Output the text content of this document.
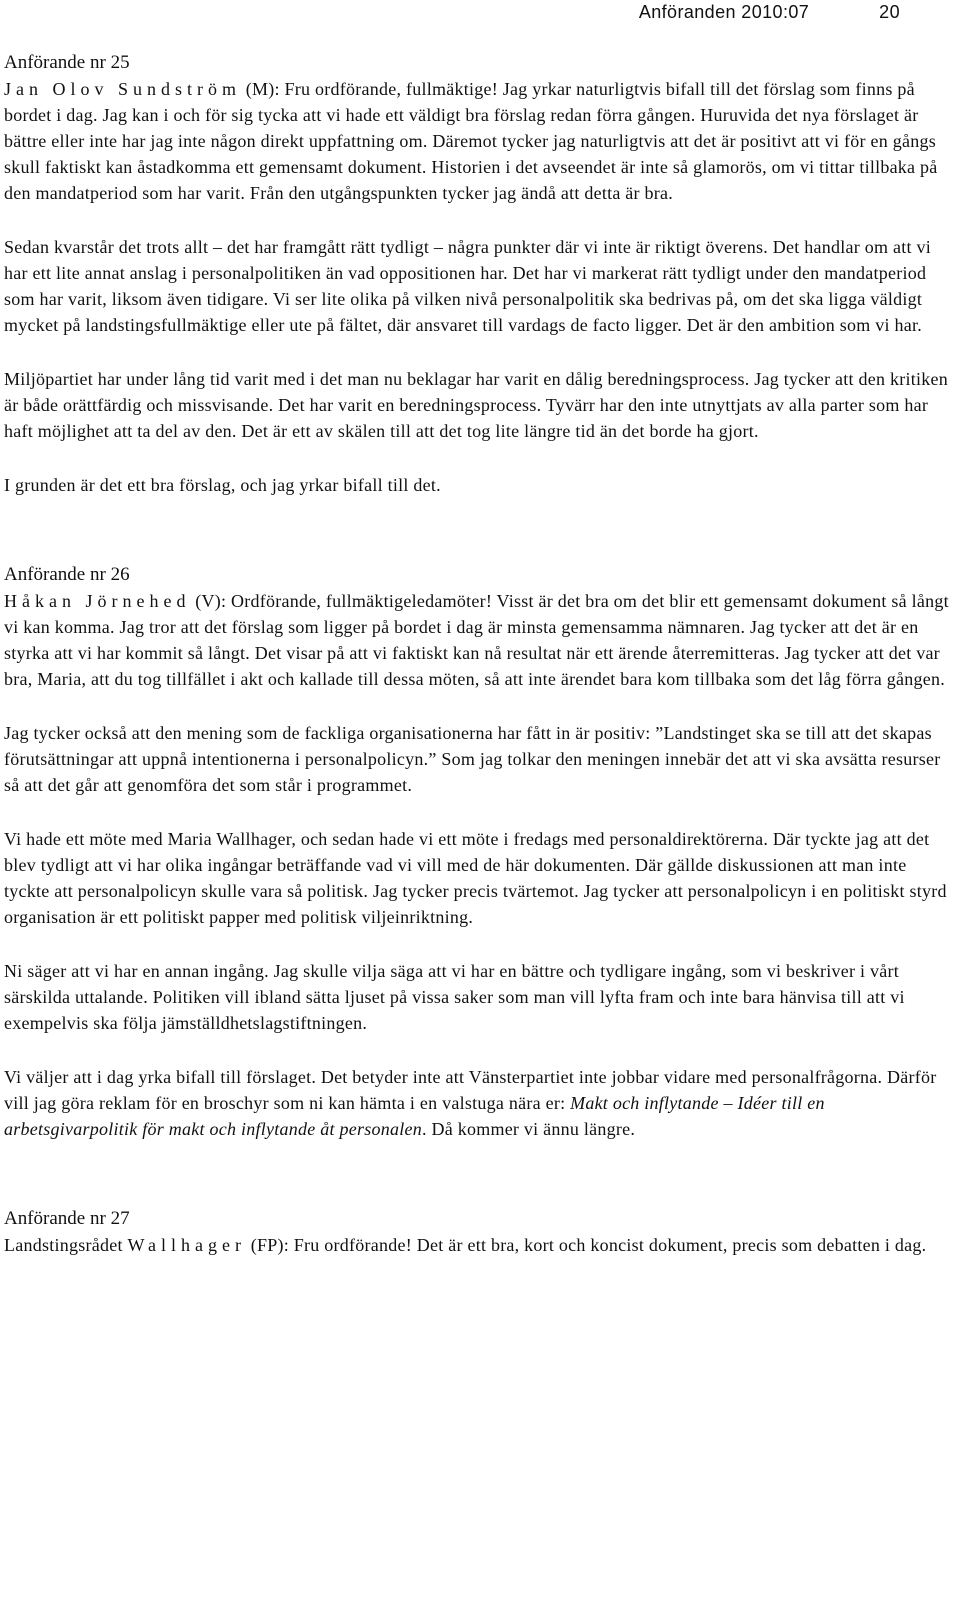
Anföranden 2010:07	20
Anförande nr 25

Jan Olov Sundström (M): Fru ordförande, fullmäktige! Jag yrkar naturligtvis bifall till det förslag som finns på bordet i dag. Jag kan i och för sig tycka att vi hade ett väldigt bra förslag redan förra gången. Huruvida det nya förslaget är bättre eller inte har jag inte någon direkt uppfattning om. Däremot tycker jag naturligtvis att det är positivt att vi för en gångs skull faktiskt kan åstadkomma ett gemensamt dokument. Historien i det avseendet är inte så glamorös, om vi tittar tillbaka på den mandatperiod som har varit. Från den utgångspunkten tycker jag ändå att detta är bra.

Sedan kvarstår det trots allt – det har framgått rätt tydligt – några punkter där vi inte är riktigt överens. Det handlar om att vi har ett lite annat anslag i personalpolitiken än vad oppositionen har. Det har vi markerat rätt tydligt under den mandatperiod som har varit, liksom även tidigare. Vi ser lite olika på vilken nivå personalpolitik ska bedrivas på, om det ska ligga väldigt mycket på landstingsfullmäktige eller ute på fältet, där ansvaret till vardags de facto ligger. Det är den ambition som vi har.

Miljöpartiet har under lång tid varit med i det man nu beklagar har varit en dålig beredningsprocess. Jag tycker att den kritiken är både orättfärdig och missvisande. Det har varit en beredningsprocess. Tyvärr har den inte utnyttjats av alla parter som har haft möjlighet att ta del av den. Det är ett av skälen till att det tog lite längre tid än det borde ha gjort.

I grunden är det ett bra förslag, och jag yrkar bifall till det.

Anförande nr 26

Håkan Jörnehed (V): Ordförande, fullmäktigeledamöter! Visst är det bra om det blir ett gemensamt dokument så långt vi kan komma. Jag tror att det förslag som ligger på bordet i dag är minsta gemensamma nämnaren. Jag tycker att det är en styrka att vi har kommit så långt. Det visar på att vi faktiskt kan nå resultat när ett ärende återremitteras. Jag tycker att det var bra, Maria, att du tog tillfället i akt och kallade till dessa möten, så att inte ärendet bara kom tillbaka som det låg förra gången.

Jag tycker också att den mening som de fackliga organisationerna har fått in är positiv: ”Landstinget ska se till att det skapas förutsättningar att uppnå intentionerna i personalpolicyn.” Som jag tolkar den meningen innebär det att vi ska avsätta resurser så att det går att genomföra det som står i programmet.

Vi hade ett möte med Maria Wallhager, och sedan hade vi ett möte i fredags med personaldirektörerna. Där tyckte jag att det blev tydligt att vi har olika ingångar beträffande vad vi vill med de här dokumenten. Där gällde diskussionen att man inte tyckte att personalpolicyn skulle vara så politisk. Jag tycker precis tvärtemot. Jag tycker att personalpolicyn i en politiskt styrd organisation är ett politiskt papper med politisk viljeinriktning.

Ni säger att vi har en annan ingång. Jag skulle vilja säga att vi har en bättre och tydligare ingång, som vi beskriver i vårt särskilda uttalande. Politiken vill ibland sätta ljuset på vissa saker som man vill lyfta fram och inte bara hänvisa till att vi exempelvis ska följa jämställdhetslagstiftningen.

Vi väljer att i dag yrka bifall till förslaget. Det betyder inte att Vänsterpartiet inte jobbar vidare med personalfrågorna. Därför vill jag göra reklam för en broschyr som ni kan hämta i en valstuga nära er: Makt och inflytande – Idéer till en arbetsgivarpolitik för makt och inflytande åt personalen. Då kommer vi ännu längre.

Anförande nr 27

Landstingsrådet Wallhager (FP): Fru ordförande! Det är ett bra, kort och koncist dokument, precis som debatten i dag.
